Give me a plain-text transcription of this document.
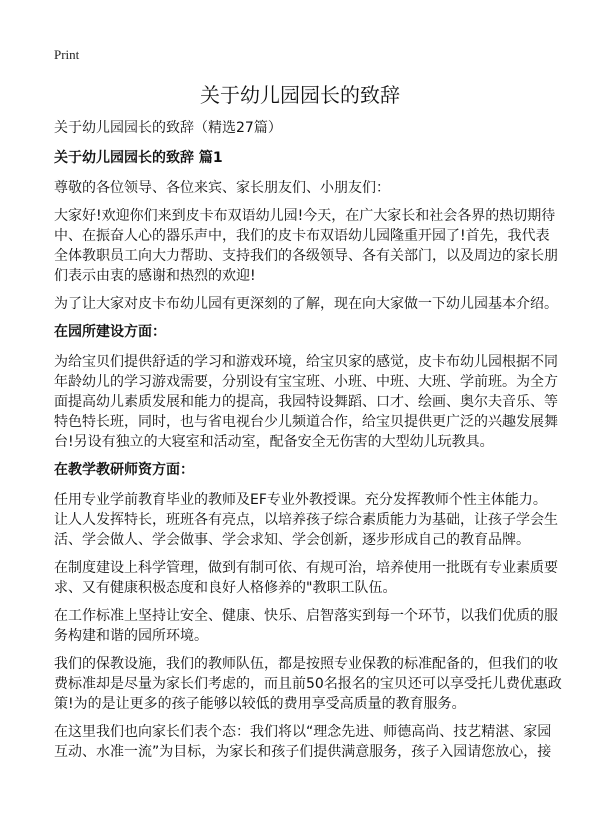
Print
关于幼儿园园长的致辞
关于幼儿园园长的致辞（精选27篇）
关于幼儿园园长的致辞 篇1
尊敬的各位领导、各位来宾、家长朋友们、小朋友们：
大家好!欢迎你们来到皮卡布双语幼儿园!今天，在广大家长和社会各界的热切期待
中、在振奋人心的器乐声中，我们的皮卡布双语幼儿园隆重开园了!首先，我代表
全体教职员工向大力帮助、支持我们的各级领导、各有关部门，以及周边的家长朋
们表示由衷的感谢和热烈的欢迎!
为了让大家对皮卡布幼儿园有更深刻的了解，现在向大家做一下幼儿园基本介绍。
在园所建设方面：
为给宝贝们提供舒适的学习和游戏环境，给宝贝家的感觉，皮卡布幼儿园根据不同
年龄幼儿的学习游戏需要，分别设有宝宝班、小班、中班、大班、学前班。为全方
面提高幼儿素质发展和能力的提高，我园特设舞蹈、口才、绘画、奥尔夫音乐、等
特色特长班，同时，也与省电视台少儿频道合作，给宝贝提供更广泛的兴趣发展舞
台!另设有独立的大寝室和活动室，配备安全无伤害的大型幼儿玩教具。
在教学教研师资方面：
任用专业学前教育毕业的教师及EF专业外教授课。充分发挥教师个性主体能力。
让人人发挥特长，班班各有亮点，以培养孩子综合素质能力为基础，让孩子学会生
活、学会做人、学会做事、学会求知、学会创新，逐步形成自己的教育品牌。
在制度建设上科学管理，做到有制可依、有规可治，培养使用一批既有专业素质要
求、又有健康积极态度和良好人格修养的"教职工队伍。
在工作标准上坚持让安全、健康、快乐、启智落实到每一个环节，以我们优质的服
务构建和谐的园所环境。
我们的保教设施，我们的教师队伍，都是按照专业保教的标准配备的，但我们的收
费标准却是尽量为家长们考虑的，而且前50名报名的宝贝还可以享受托儿费优惠政
策!为的是让更多的孩子能够以较低的费用享受高质量的教育服务。
在这里我们也向家长们表个态：我们将以“理念先进、师德高尚、技艺精湛、家园
互动、水准一流”为目标，为家长和孩子们提供满意服务，孩子入园请您放心，接
